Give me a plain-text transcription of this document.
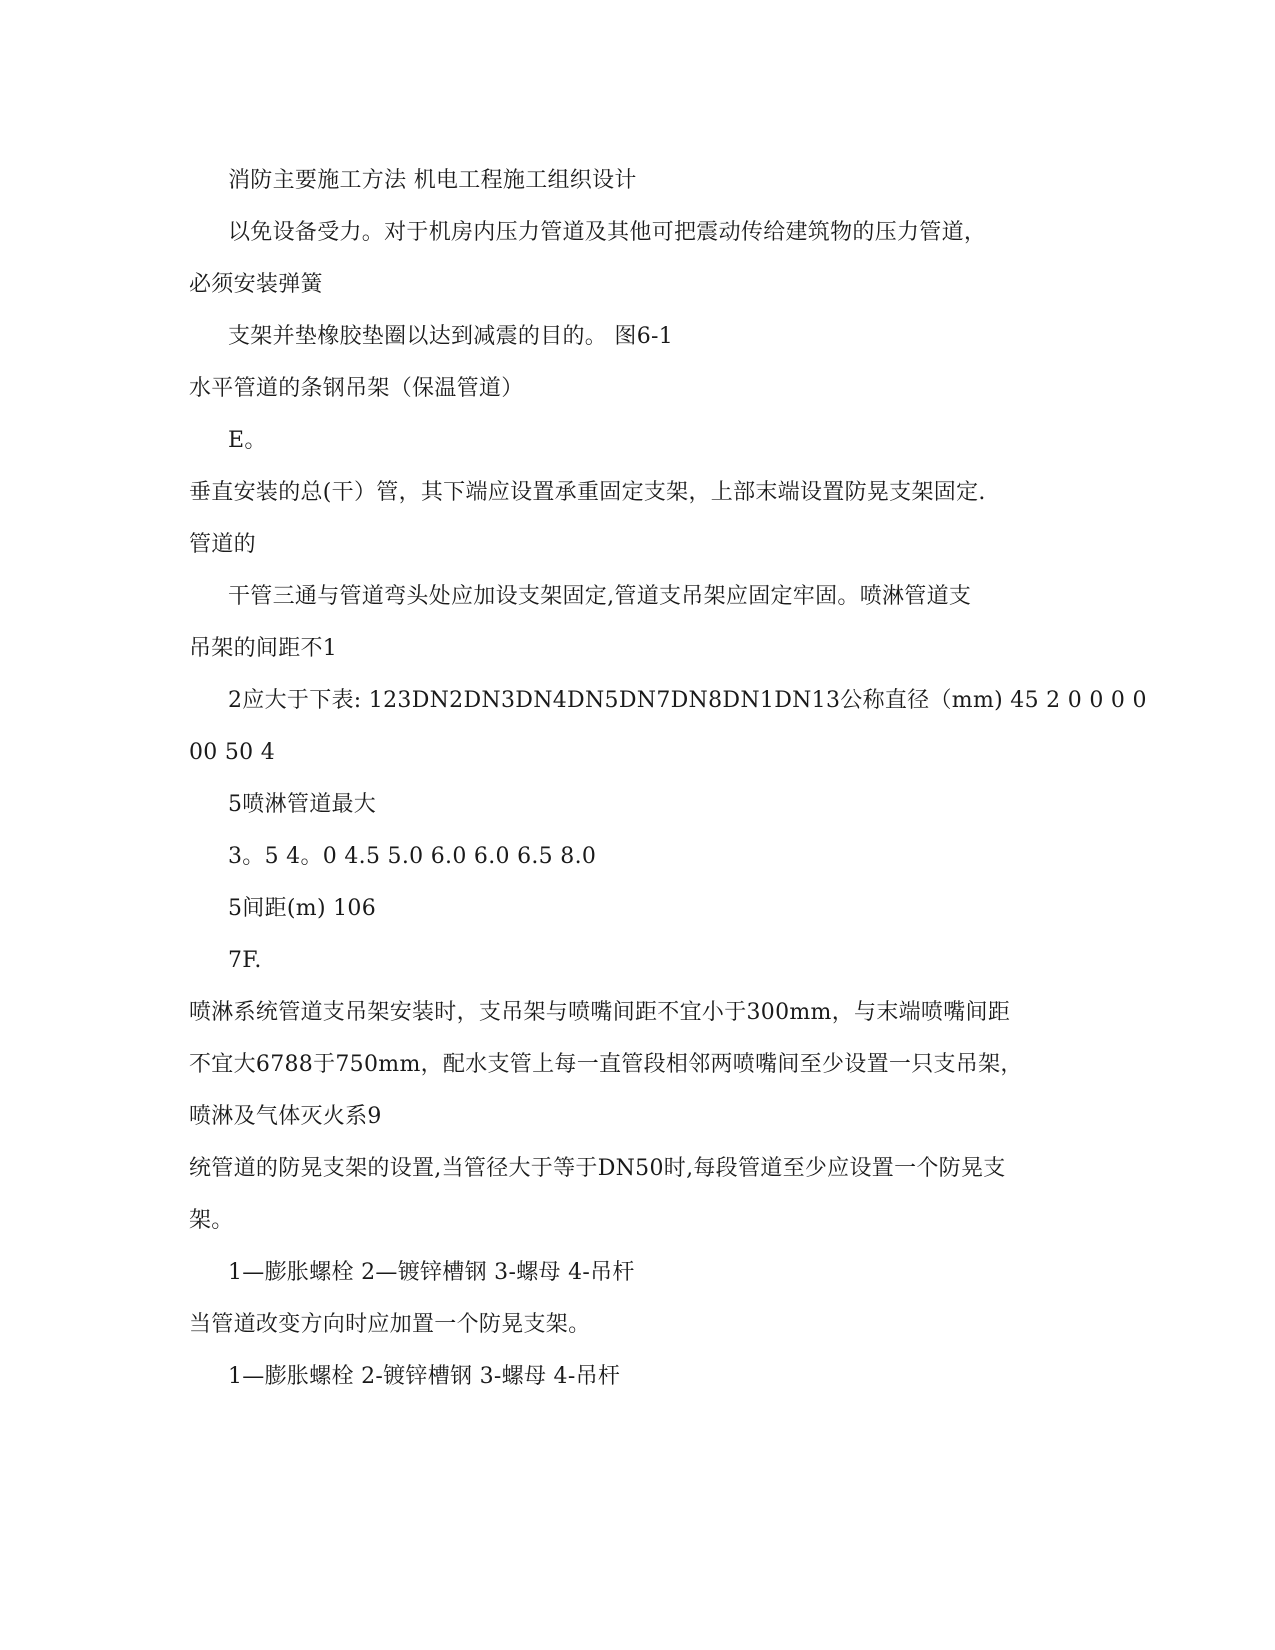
消防主要施工方法 机电工程施工组织设计
以免设备受力。对于机房内压力管道及其他可把震动传给建筑物的压力管道，
必须安装弹簧
支架并垫橡胶垫圈以达到减震的目的。 图6-1
水平管道的条钢吊架（保温管道）
E。
垂直安装的总(干）管，其下端应设置承重固定支架，上部末端设置防晃支架固定.
管道的
干管三通与管道弯头处应加设支架固定,管道支吊架应固定牢固。喷淋管道支
吊架的间距不1
2应大于下表: 123DN2DN3DN4DN5DN7DN8DN1DN13公称直径（mm) 45 2 0 0 0 0
00 50 4
5喷淋管道最大
3。5 4。0 4.5 5.0 6.0 6.0 6.5 8.0
5间距(m) 106
7F.
喷淋系统管道支吊架安装时，支吊架与喷嘴间距不宜小于300mm，与末端喷嘴间距
不宜大6788于750mm，配水支管上每一直管段相邻两喷嘴间至少设置一只支吊架，
喷淋及气体灭火系9
统管道的防晃支架的设置,当管径大于等于DN50时,每段管道至少应设置一个防晃支
架。
1—膨胀螺栓 2—镀锌槽钢 3-螺母 4-吊杆
当管道改变方向时应加置一个防晃支架。
1—膨胀螺栓 2-镀锌槽钢 3-螺母 4-吊杆
